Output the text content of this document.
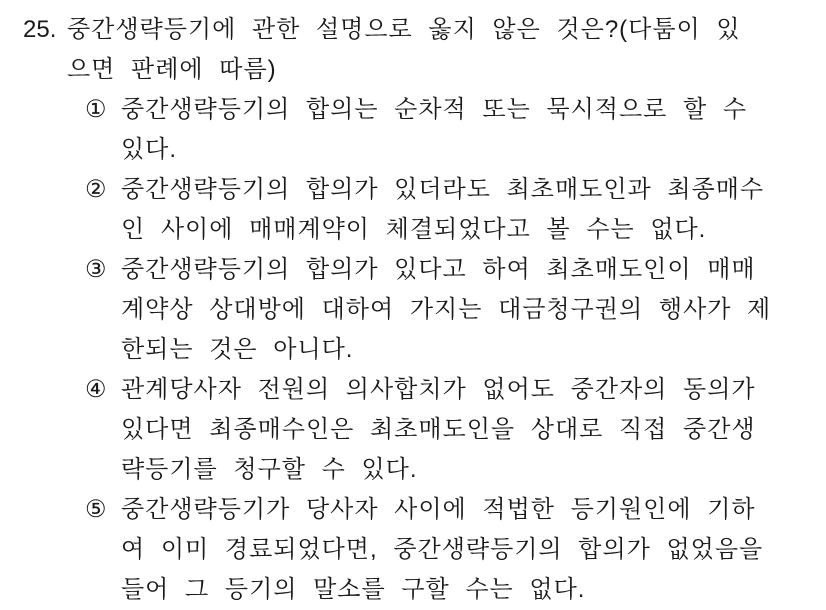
25. 중간생략등기에 관한 설명으로 옳지 않은 것은?(다툼이 있
으면 판례에 따름)
① 중간생략등기의 합의는 순차적 또는 묵시적으로 할 수
있다.
② 중간생략등기의 합의가 있더라도 최초매도인과 최종매수
인 사이에 매매계약이 체결되었다고 볼 수는 없다.
③ 중간생략등기의 합의가 있다고 하여 최초매도인이 매매
계약상 상대방에 대하여 가지는 대금청구권의 행사가 제
한되는 것은 아니다.
④ 관계당사자 전원의 의사합치가 없어도 중간자의 동의가
있다면 최종매수인은 최초매도인을 상대로 직접 중간생
략등기를 청구할 수 있다.
⑤ 중간생략등기가 당사자 사이에 적법한 등기원인에 기하
여 이미 경료되었다면, 중간생략등기의 합의가 없었음을
들어 그 등기의 말소를 구할 수는 없다.
